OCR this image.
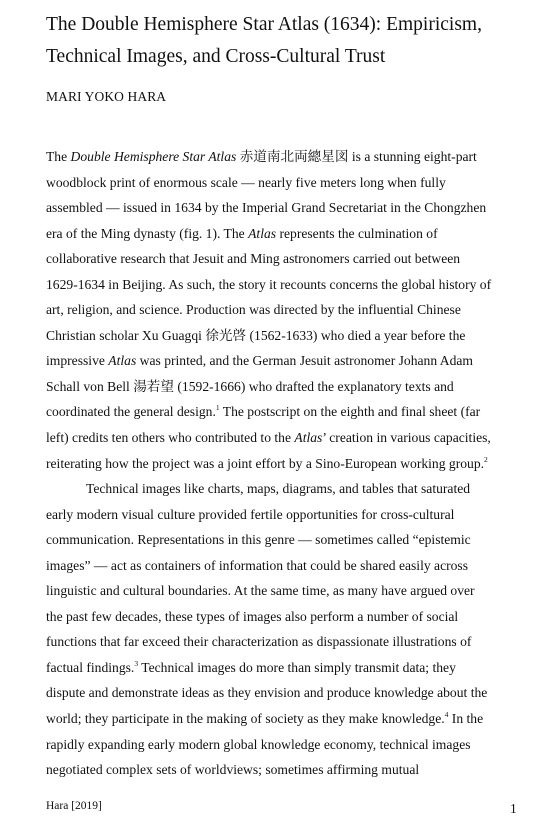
The Double Hemisphere Star Atlas (1634): Empiricism,
Technical Images, and Cross-Cultural Trust

MARI YOKO HARA

The Double Hemisphere Star Atlas 赤道南北両總星図 is a stunning eight-part
woodblock print of enormous scale — nearly five meters long when fully
assembled — issued in 1634 by the Imperial Grand Secretariat in the Chongzhen
era of the Ming dynasty (fig. 1). The Atlas represents the culmination of
collaborative research that Jesuit and Ming astronomers carried out between
1629-1634 in Beijing. As such, the story it recounts concerns the global history of
art, religion, and science. Production was directed by the influential Chinese
Christian scholar Xu Guagqi 徐光啓 (1562-1633) who died a year before the
impressive Atlas was printed, and the German Jesuit astronomer Johann Adam
Schall von Bell 湯若望 (1592-1666) who drafted the explanatory texts and
coordinated the general design.$^1$ The postscript on the eighth and final sheet (far
left) credits ten others who contributed to the Atlas’ creation in various capacities,
reiterating how the project was a joint effort by a Sino-European working group.$^2$
Technical images like charts, maps, diagrams, and tables that saturated
early modern visual culture provided fertile opportunities for cross-cultural
communication. Representations in this genre — sometimes called “epistemic
images” — act as containers of information that could be shared easily across
linguistic and cultural boundaries. At the same time, as many have argued over
the past few decades, these types of images also perform a number of social
functions that far exceed their characterization as dispassionate illustrations of
factual findings.$^3$ Technical images do more than simply transmit data; they
dispute and demonstrate ideas as they envision and produce knowledge about the
world; they participate in the making of society as they make knowledge.$^4$ In the
rapidly expanding early modern global knowledge economy, technical images
negotiated complex sets of worldviews; sometimes affirming mutual
Hara [2019]	1
